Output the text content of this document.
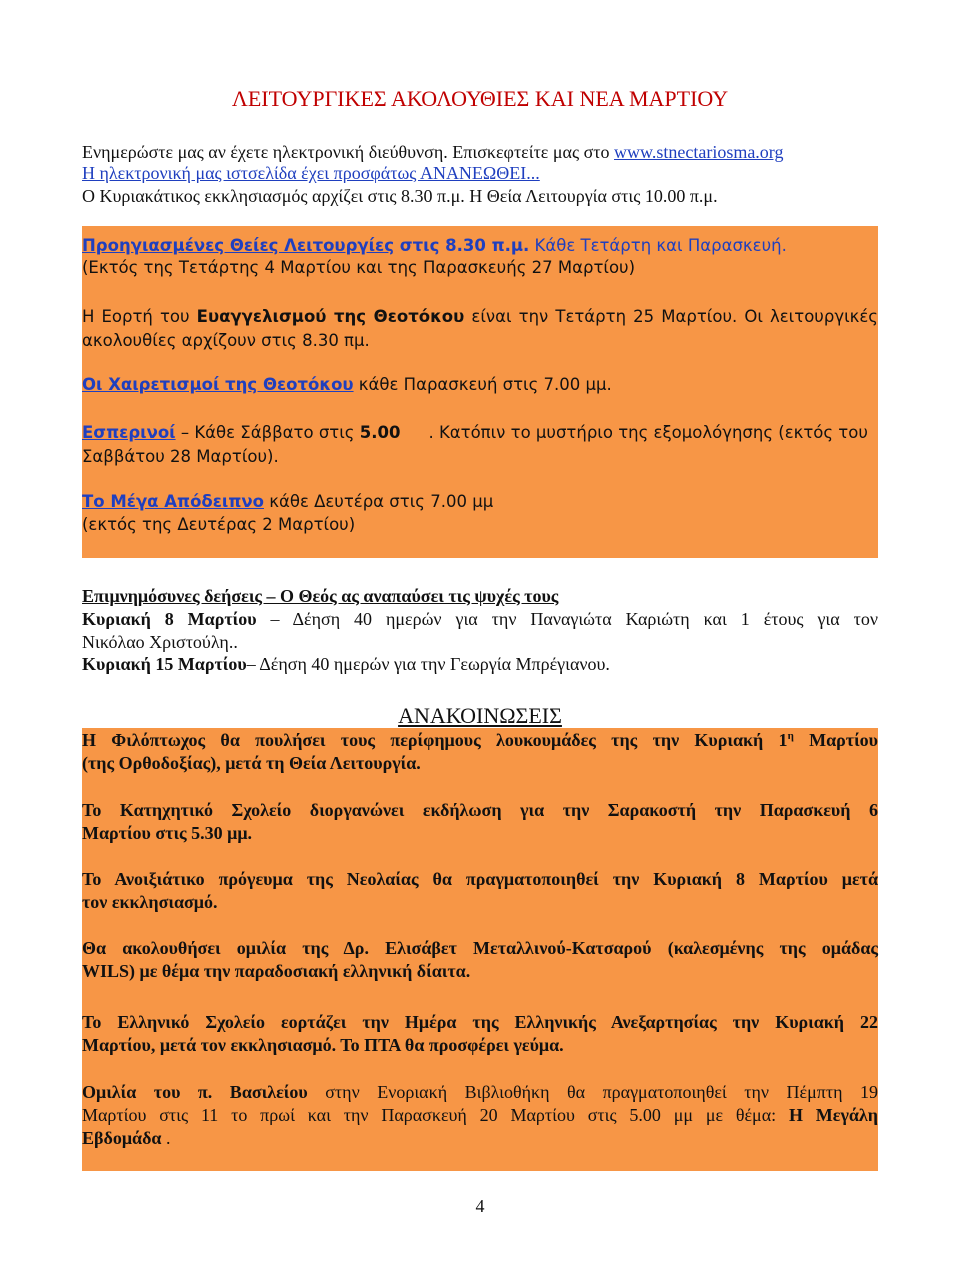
ΛΕΙΤΟΥΡΓΙΚΕΣ ΑΚΟΛΟΥΘΙΕΣ ΚΑΙ ΝΕΑ ΜΑΡΤΙΟΥ
Ενημερώστε μας αν έχετε ηλεκτρονική διεύθυνση. Επισκεφτείτε μας στο www.stnectariosma.org
Η ηλεκτρονική μας ιστσελίδα έχει προσφάτως ΑΝΑΝΕΩΘΕΙ...
Ο Κυριακάτικος εκκλησιασμός αρχίζει στις 8.30 π.μ. Η Θεία Λειτουργία στις 10.00 π.μ.
Προηγιασμένες Θείες Λειτουργίες στις 8.30 π.μ. Κάθε Τετάρτη και Παρασκευή.
(Εκτός της Τετάρτης 4 Μαρτίου και της Παρασκευής 27 Μαρτίου)
Η Εορτή του Ευαγγελισμού της Θεοτόκου είναι την Τετάρτη 25 Μαρτίου. Οι λειτουργικές
ακολουθίες αρχίζουν στις 8.30 πμ.
Οι Χαιρετισμοί της Θεοτόκου κάθε Παρασκευή στις 7.00 μμ.
Εσπερινοί – Κάθε Σάββατο στις 5.00 . Κατόπιν το μυστήριο της εξομολόγησης (εκτός του
Σαββάτου 28 Μαρτίου).
Το Μέγα Απόδειπνο κάθε Δευτέρα στις 7.00 μμ
(εκτός της Δευτέρας 2 Μαρτίου)
Επιμνημόσυνες δεήσεις – Ο Θεός ας αναπαύσει τις ψυχές τους
Κυριακή 8 Μαρτίου – Δέηση 40 ημερών για την Παναγιώτα Καριώτη και 1 έτους για τον
Νικόλαο Χριστούλη..
Κυριακή 15 Μαρτίου– Δέηση 40 ημερών για την Γεωργία Μπρέγιανου.
ΑΝΑΚΟΙΝΩΣΕΙΣ
Η Φιλόπτωχος θα πουλήσει τους περίφημους λουκουμάδες της την Κυριακή $1^\eta$ Μαρτίου
(της Ορθοδοξίας), μετά τη Θεία Λειτουργία.
Το Κατηχητικό Σχολείο διοργανώνει εκδήλωση για την Σαρακοστή την Παρασκευή 6
Μαρτίου στις 5.30 μμ.
Το Ανοιξιάτικο πρόγευμα της Νεολαίας θα πραγματοποιηθεί την Κυριακή 8 Μαρτίου μετά
τον εκκλησιασμό.
Θα ακολουθήσει ομιλία της Δρ. Ελισάβετ Μεταλλινού-Κατσαρού (καλεσμένης της ομάδας
WILS) με θέμα την παραδοσιακή ελληνική δίαιτα.
Το Ελληνικό Σχολείο εορτάζει την Ημέρα της Ελληνικής Ανεξαρτησίας την Κυριακή 22
Μαρτίου, μετά τον εκκλησιασμό. Το ΠΤΑ θα προσφέρει γεύμα.
Ομιλία του π. Βασιλείου στην Ενοριακή Βιβλιοθήκη θα πραγματοποιηθεί την Πέμπτη 19
Μαρτίου στις 11 το πρωί και την Παρασκευή 20 Μαρτίου στις 5.00 μμ με θέμα: Η Μεγάλη
Εβδομάδα .
4
